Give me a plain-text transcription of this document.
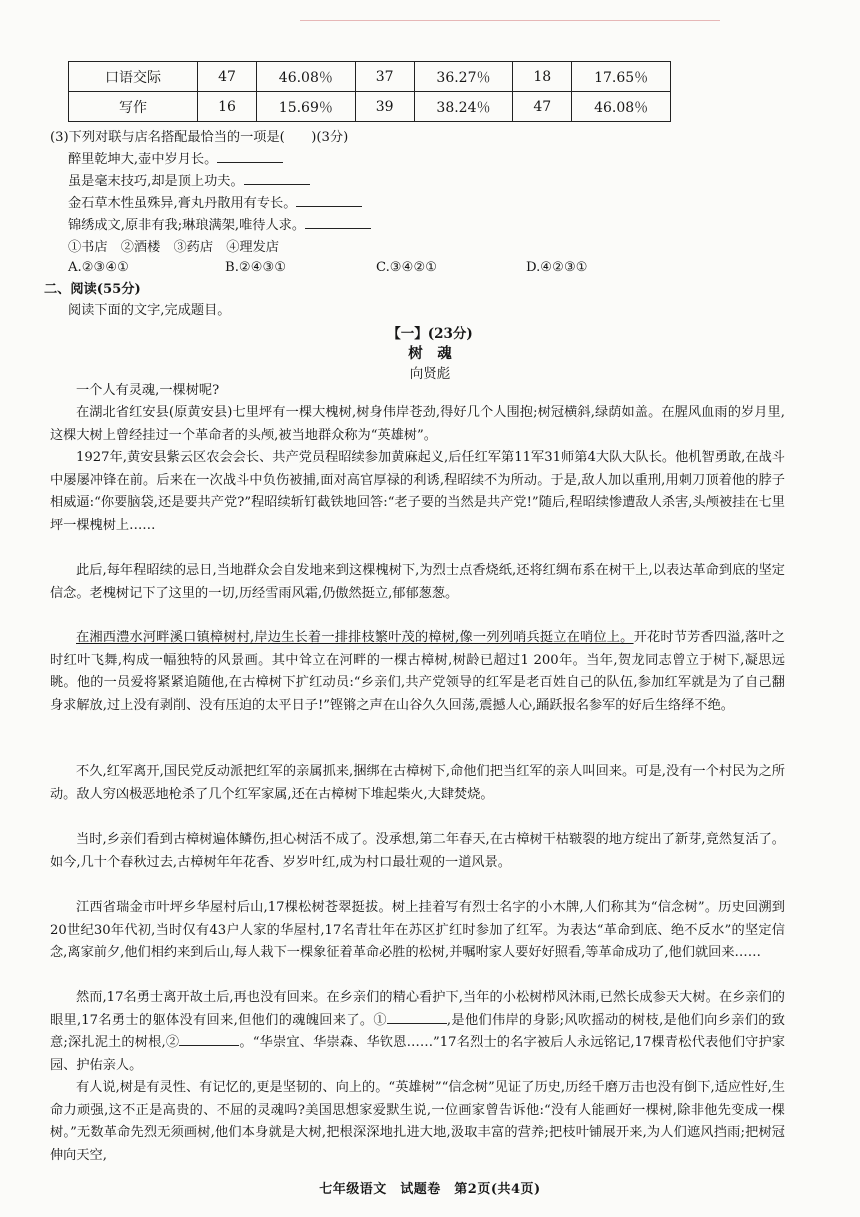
口语交际	47	46.08％	37	36.27％	18	17.65％
写作	16	15.69％	39	38.24％	47	46.08％
(3)下列对联与店名搭配最恰当的一项是(　　)(3分)
醉里乾坤大,壶中岁月长。
虽是毫末技巧,却是顶上功夫。
金石草木性虽殊异,膏丸丹散用有专长。
锦绣成文,原非有我;琳琅满架,唯待人求。
①书店　②酒楼　③药店　④理发店
A.②③④①	B.②④③①	C.③④②①	D.④②③①
二、阅读(55分)
阅读下面的文字,完成题目。
【一】(23分)
树　魂
向贤彪

一个人有灵魂,一棵树呢?

在湖北省红安县(原黄安县)七里坪有一棵大槐树,树身伟岸苍劲,得好几个人围抱;树冠横斜,绿荫如盖。在腥风血雨的岁月里,这棵大树上曾经挂过一个革命者的头颅,被当地群众称为“英雄树”。

1927年,黄安县紫云区农会会长、共产党员程昭续参加黄麻起义,后任红军第11军31师第4大队大队长。他机智勇敢,在战斗中屡屡冲锋在前。后来在一次战斗中负伤被捕,面对高官厚禄的利诱,程昭续不为所动。于是,敌人加以重刑,用刺刀顶着他的脖子相威逼:“你要脑袋,还是要共产党?”程昭续斩钉截铁地回答:“老子要的当然是共产党!”随后,程昭续惨遭敌人杀害,头颅被挂在七里坪一棵槐树上……

此后,每年程昭续的忌日,当地群众会自发地来到这棵槐树下,为烈士点香烧纸,还将红绸布系在树干上,以表达革命到底的坚定信念。老槐树记下了这里的一切,历经雪雨风霜,仍傲然挺立,郁郁葱葱。

在湘西澧水河畔溪口镇樟树村,岸边生长着一排排枝繁叶茂的樟树,像一列列哨兵挺立在哨位上。开花时节芳香四溢,落叶之时红叶飞舞,构成一幅独特的风景画。其中耸立在河畔的一棵古樟树,树龄已超过1 200年。当年,贺龙同志曾立于树下,凝思远眺。他的一员爱将紧紧追随他,在古樟树下扩红动员:“乡亲们,共产党领导的红军是老百姓自己的队伍,参加红军就是为了自己翻身求解放,过上没有剥削、没有压迫的太平日子!”铿锵之声在山谷久久回荡,震撼人心,踊跃报名参军的好后生络绎不绝。

不久,红军离开,国民党反动派把红军的亲属抓来,捆绑在古樟树下,命他们把当红军的亲人叫回来。可是,没有一个村民为之所动。敌人穷凶极恶地枪杀了几个红军家属,还在古樟树下堆起柴火,大肆焚烧。

当时,乡亲们看到古樟树遍体鳞伤,担心树活不成了。没承想,第二年春天,在古樟树干枯皲裂的地方绽出了新芽,竟然复活了。如今,几十个春秋过去,古樟树年年花香、岁岁叶红,成为村口最壮观的一道风景。

江西省瑞金市叶坪乡华屋村后山,17棵松树苍翠挺拔。树上挂着写有烈士名字的小木牌,人们称其为“信念树”。历史回溯到20世纪30年代初,当时仅有43户人家的华屋村,17名青壮年在苏区扩红时参加了红军。为表达“革命到底、绝不反水”的坚定信念,离家前夕,他们相约来到后山,每人栽下一棵象征着革命必胜的松树,并嘱咐家人要好好照看,等革命成功了,他们就回来……

然而,17名勇士离开故土后,再也没有回来。在乡亲们的精心看护下,当年的小松树栉风沐雨,已然长成参天大树。在乡亲们的眼里,17名勇士的躯体没有回来,但他们的魂魄回来了。①	,是他们伟岸的身影;风吹摇动的树枝,是他们向乡亲们的致意;深扎泥土的树根,②	。“华崇宜、华崇森、华钦恩……”17名烈士的名字被后人永远铭记,17棵青松代表他们守护家园、护佑亲人。

有人说,树是有灵性、有记忆的,更是坚韧的、向上的。“英雄树”“信念树”见证了历史,历经千磨万击也没有倒下,适应性好,生命力顽强,这不正是高贵的、不屈的灵魂吗?美国思想家爱默生说,一位画家曾告诉他:“没有人能画好一棵树,除非他先变成一棵树。”无数革命先烈无须画树,他们本身就是大树,把根深深地扎进大地,汲取丰富的营养;把枝叶铺展开来,为人们遮风挡雨;把树冠伸向天空,

七年级语文　试题卷　第2页(共4页)
